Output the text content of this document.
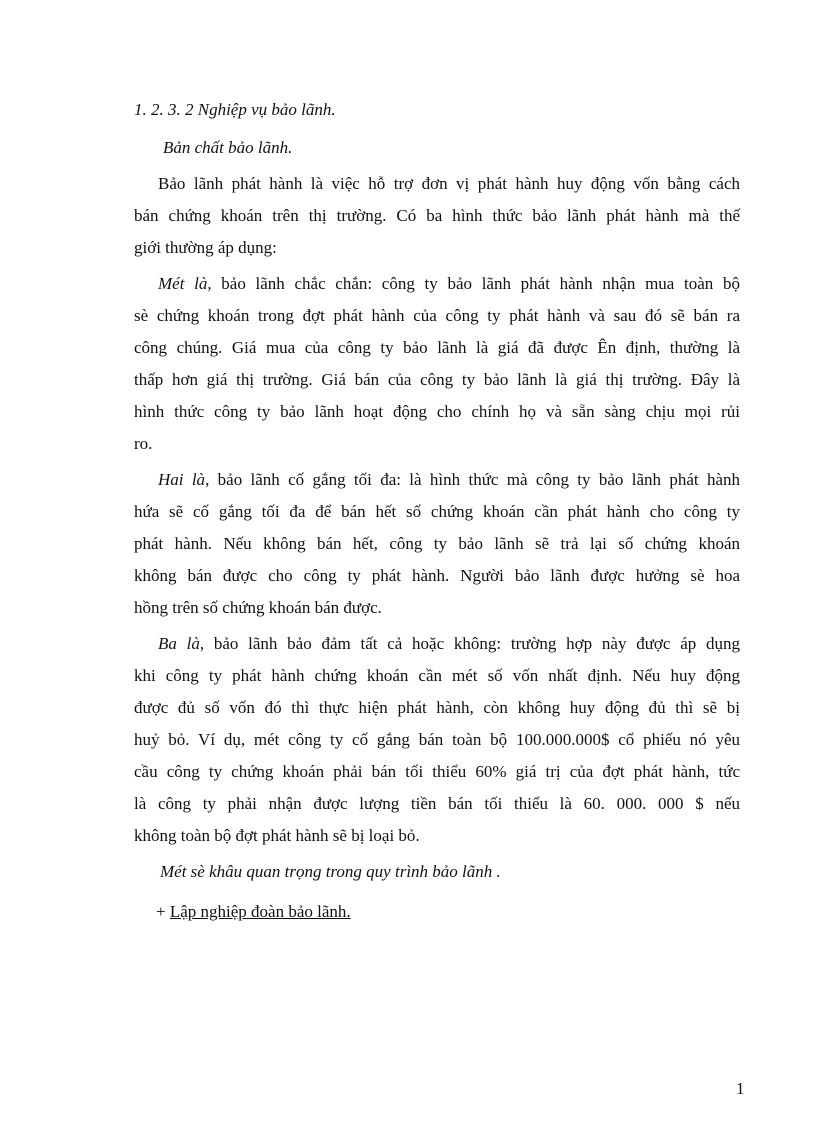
1. 2. 3. 2 Nghiệp vụ bảo lãnh.
Bản chất bảo lãnh.
Bảo lãnh phát hành là việc hỗ trợ đơn vị phát hành huy động vốn bằng cách
bán chứng khoán trên thị trường. Có ba hình thức bảo lãnh phát hành mà thế
giới thường áp dụng:
Mét là, bảo lãnh chắc chắn: công ty bảo lãnh phát hành nhận mua toàn bộ
sè chứng khoán trong đợt phát hành của công ty phát hành và sau đó sẽ bán ra
công chúng. Giá mua của công ty bảo lãnh là giá đã được Ên định, thường là
thấp hơn giá thị trường. Giá bán của công ty bảo lãnh là giá thị trường. Đây là
hình thức công ty bảo lãnh hoạt động cho chính họ và sẵn sàng chịu mọi rủi
ro.
Hai là, bảo lãnh cố gắng tối đa: là hình thức mà công ty bảo lãnh phát hành
hứa sẽ cố gắng tối đa để bán hết số chứng khoán cần phát hành cho công ty
phát hành. Nếu không bán hết, công ty bảo lãnh sẽ trả lại số chứng khoán
không bán được cho công ty phát hành. Người bảo lãnh được hưởng sè hoa
hồng trên số chứng khoán bán được.
Ba là, bảo lãnh bảo đảm tất cả hoặc không: trường hợp này được áp dụng
khi công ty phát hành chứng khoán cần mét số vốn nhất định. Nếu huy động
được đủ số vốn đó thì thực hiện phát hành, còn không huy động đủ thì sẽ bị
huỷ bỏ. Ví dụ, mét công ty cố gắng bán toàn bộ 100.000.000$ cổ phiếu nó yêu
cầu công ty chứng khoán phải bán tối thiểu 60% giá trị của đợt phát hành, tức
là công ty phải nhận được lượng tiền bán tối thiểu là 60. 000. 000 $ nếu
không toàn bộ đợt phát hành sẽ bị loại bỏ.
Mét sè khâu quan trọng trong quy trình bảo lãnh .
+ Lập nghiệp đoàn bảo lãnh.
1
